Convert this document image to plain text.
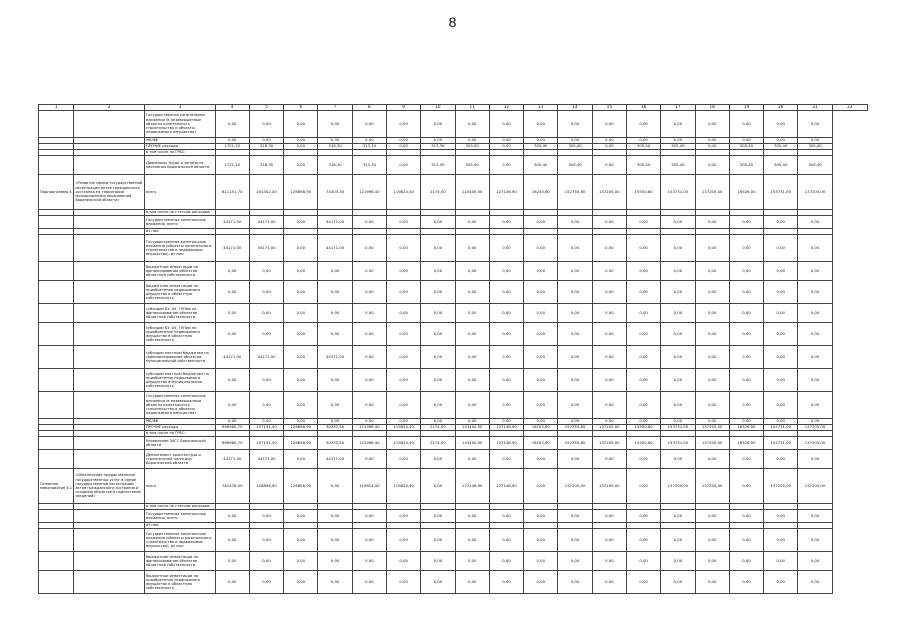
8
1	2	3	4	5	6	7	8	9	10	11	12	13	14	15	16	17	18	19	20	21	22
		Государственная капитальные вложения (в незавершенные объекты капитального строительства и объекты недвижимого имущества)	0,00	0,00	0,00	0,00	0,00	0,00	0,00	0,00	0,00	0,00	0,00	0,00	0,00	0,00	0,00	0,00	0,00	0,00	
		МБ/ФБ	0,00	0,00	0,00	0,00	0,00	0,00	0,00	0,00	0,00	0,00	0,00	0,00	0,00	0,00	0,00	0,00	0,00	0,00	
		ПРОЧИЕ расходы	1721,10	318,30	0,00	318,30	313,30	0,00	313,30	305,40	0,00	305,40	305,40	0,00	305,40	305,40	0,00	305,40	305,40	305,40	
		в том числе по ГРБС:																			
		Дивизионы труда и занятости населения Воронежской области	1721,10	318,30	0,00	318,30	313,30	0,00	313,30	305,40	0,00	305,40	305,40	0,00	305,40	305,40	0,00	305,40	305,40	305,40	
Подпрограмма 4	«Развитие сферы государственной регистрации актов гражданского состояния на территории муниципальных образований Воронежской области»	всего	811151,70	201302,40	126898,90	74403,50	121998,40	119824,40	2174,00	143400,50	127146,90	16253,60	152755,80	137205,00	15550,80	153731,00	137205,00	16526,00	153731,00	137205,00	
		в том числе по статьям расходов:																			
		Государственные капитальные вложения, всего	44171,00	44171,00	0,00	44171,00	0,00	0,00	0,00	0,00	0,00	0,00	0,00	0,00	0,00	0,00	0,00	0,00	0,00	0,00	
		из них:																			
		Государственные капитальные вложения (объекты капитального строительства и недвижимое имущество), из них:	44171,00	44171,00	0,00	44171,00	0,00	0,00	0,00	0,00	0,00	0,00	0,00	0,00	0,00	0,00	0,00	0,00	0,00	0,00	
		бюджетные инвестиции на финансирование объектов областной собственности	0,00	0,00	0,00	0,00	0,00	0,00	0,00	0,00	0,00	0,00	0,00	0,00	0,00	0,00	0,00	0,00	0,00	0,00	
		бюджетные инвестиции на приобретение недвижимого имущества в областную собственность	0,00	0,00	0,00	0,00	0,00	0,00	0,00	0,00	0,00	0,00	0,00	0,00	0,00	0,00	0,00	0,00	0,00	0,00	
		субсидии БУ, АУ, ГУПам на финансирование объектов областной собственности	0,00	0,00	0,00	0,00	0,00	0,00	0,00	0,00	0,00	0,00	0,00	0,00	0,00	0,00	0,00	0,00	0,00	0,00	
		субсидии БУ, АУ, ГУПам на приобретение недвижимого имущества в областную собственность	0,00	0,00	0,00	0,00	0,00	0,00	0,00	0,00	0,00	0,00	0,00	0,00	0,00	0,00	0,00	0,00	0,00	0,00	
		субсидии местным бюджетам на софинансирование объектов муниципальной собственности	44171,00	44171,00	0,00	44171,00	0,00	0,00	0,00	0,00	0,00	0,00	0,00	0,00	0,00	0,00	0,00	0,00	0,00	0,00	
		субсидии местным бюджетам на приобретение недвижимого имущества в муниципальную собственность	0,00	0,00	0,00	0,00	0,00	0,00	0,00	0,00	0,00	0,00	0,00	0,00	0,00	0,00	0,00	0,00	0,00	0,00	
		Государственные капитальные вложения (в незавершенные объекты капитального строительства и объекты недвижимого имущества)	0,00	0,00	0,00	0,00	0,00	0,00	0,00	0,00	0,00	0,00	0,00	0,00	0,00	0,00	0,00	0,00	0,00	0,00	
		МБ/ФБ	0,00	0,00	0,00	0,00	0,00	0,00	0,00	0,00	0,00	0,00	0,00	0,00	0,00	0,00	0,00	0,00	0,00	0,00	
		ПРОЧИЕ расходы	696980,70	157131,40	126898,90	30232,50	121998,40	119824,40	2174,00	143400,50	127146,90	16253,60	152755,80	137205,00	15550,80	153731,00	137205,00	16526,00	153731,00	137205,00	
		в том числе по ГРБС:																			
		Управление ЗАГС Воронежской области	696980,70	157131,40	126898,90	30232,50	121998,40	119824,40	2174,00	143400,50	127146,90	16253,60	152755,80	137205,00	15550,80	153731,00	137205,00	16526,00	153731,00	137205,00	
		Департамент архитектуры и строительной политики Воронежской области	44171,00	44171,00	0,00	44171,00	0,00	0,00	0,00	0,00	0,00	0,00	0,00	0,00	0,00	0,00	0,00	0,00	0,00	0,00	
Основное мероприятие 4.1	«Обеспечение предоставления государственных услуг в сфере государственной регистрации актов гражданского состояния и создание объектов в подсистемах сведений»	всего	781478,00	126898,90	126898,90	0,00	119824,40	119824,40	0,00	127146,90	127146,90	0,00	137205,00	137205,00	0,00	137205,00	137205,00	0,00	137205,00	137205,00	
		в том числе по статьям расходов:																			
		Государственные капитальные вложения, всего	0,00	0,00	0,00	0,00	0,00	0,00	0,00	0,00	0,00	0,00	0,00	0,00	0,00	0,00	0,00	0,00	0,00	0,00	
		из них:																			
		Государственные капитальные вложения (объекты капитального строительства и недвижимое имущество), из них:	0,00	0,00	0,00	0,00	0,00	0,00	0,00	0,00	0,00	0,00	0,00	0,00	0,00	0,00	0,00	0,00	0,00	0,00	
		бюджетные инвестиции на финансирование объектов областной собственности	0,00	0,00	0,00	0,00	0,00	0,00	0,00	0,00	0,00	0,00	0,00	0,00	0,00	0,00	0,00	0,00	0,00	0,00	
		бюджетные инвестиции на приобретение недвижимого имущества в областную собственность	0,00	0,00	0,00	0,00	0,00	0,00	0,00	0,00	0,00	0,00	0,00	0,00	0,00	0,00	0,00	0,00	0,00	0,00	
